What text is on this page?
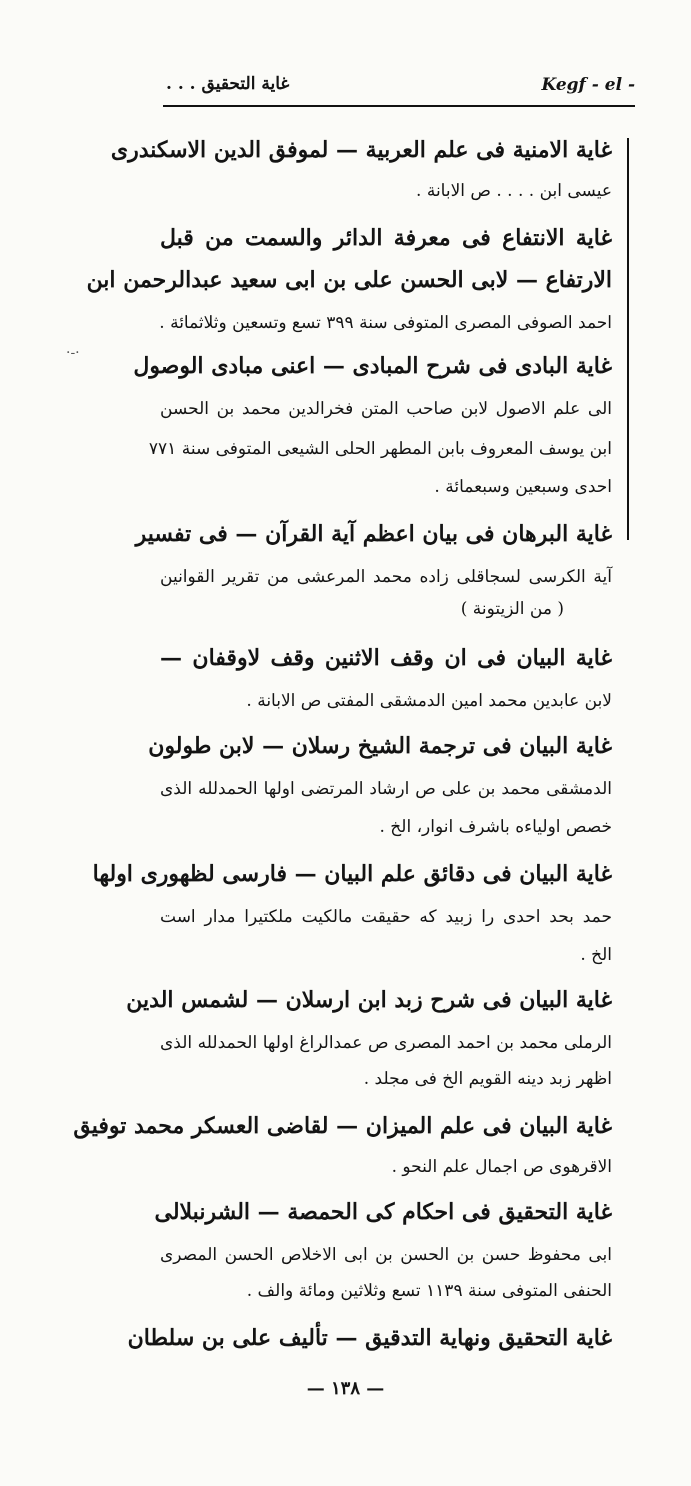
غاية التحقيق . . .	Kegf - el -
·-·
غاية الامنية فى علم العربية — لموفق الدين الاسكندرى
عيسى ابن . . . . ص الابانة .
غاية الانتفاع فى معرفة الدائر والسمت من قبل
الارتفاع — لابى الحسن على بن ابى سعيد عبدالرحمن ابن
احمد الصوفى المصرى المتوفى سنة ٣٩٩ تسع وتسعين وثلاثمائة .
غاية البادى فى شرح المبادى — اعنى مبادى الوصول
الى علم الاصول لابن صاحب المتن فخرالدين محمد بن الحسن
ابن يوسف المعروف بابن المطهر الحلى الشيعى المتوفى سنة ٧٧١
احدى وسبعين وسبعمائة .
غاية البرهان فى بيان اعظم آية القرآن — فى تفسير
آية الكرسى لسجاقلى زاده محمد المرعشى من تقرير القوانين
( من الزيتونة )
غاية البيان فى ان وقف الاثنين وقف لاوقفان —
لابن عابدين محمد امين الدمشقى المفتى ص الابانة .
غاية البيان فى ترجمة الشيخ رسلان — لابن طولون
الدمشقى محمد بن على ص ارشاد المرتضى اولها الحمدلله الذى
خصص اولياءه باشرف انوار، الخ .
غاية البيان فى دقائق علم البيان — فارسى لظهورى اولها
حمد بحد احدى را زبيد كه حقيقت مالكيت ملكتيرا مدار است
الخ .
غاية البيان فى شرح زبد ابن ارسلان — لشمس الدين
الرملى محمد بن احمد المصرى ص عمدالراغ اولها الحمدلله الذى
اظهر زبد دينه القويم الخ فى مجلد .
غاية البيان فى علم الميزان — لقاضى العسكر محمد توفيق
الاقرهوى ص اجمال علم النحو .
غاية التحقيق فى احكام كى الحمصة — الشرنبلالى
ابى محفوظ حسن بن الحسن بن ابى الاخلاص الحسن المصرى
الحنفى المتوفى سنة ١١٣٩ تسع وثلاثين ومائة والف .
غاية التحقيق ونهاية التدقيق — تأليف على بن سلطان
— ١٣٨ —
